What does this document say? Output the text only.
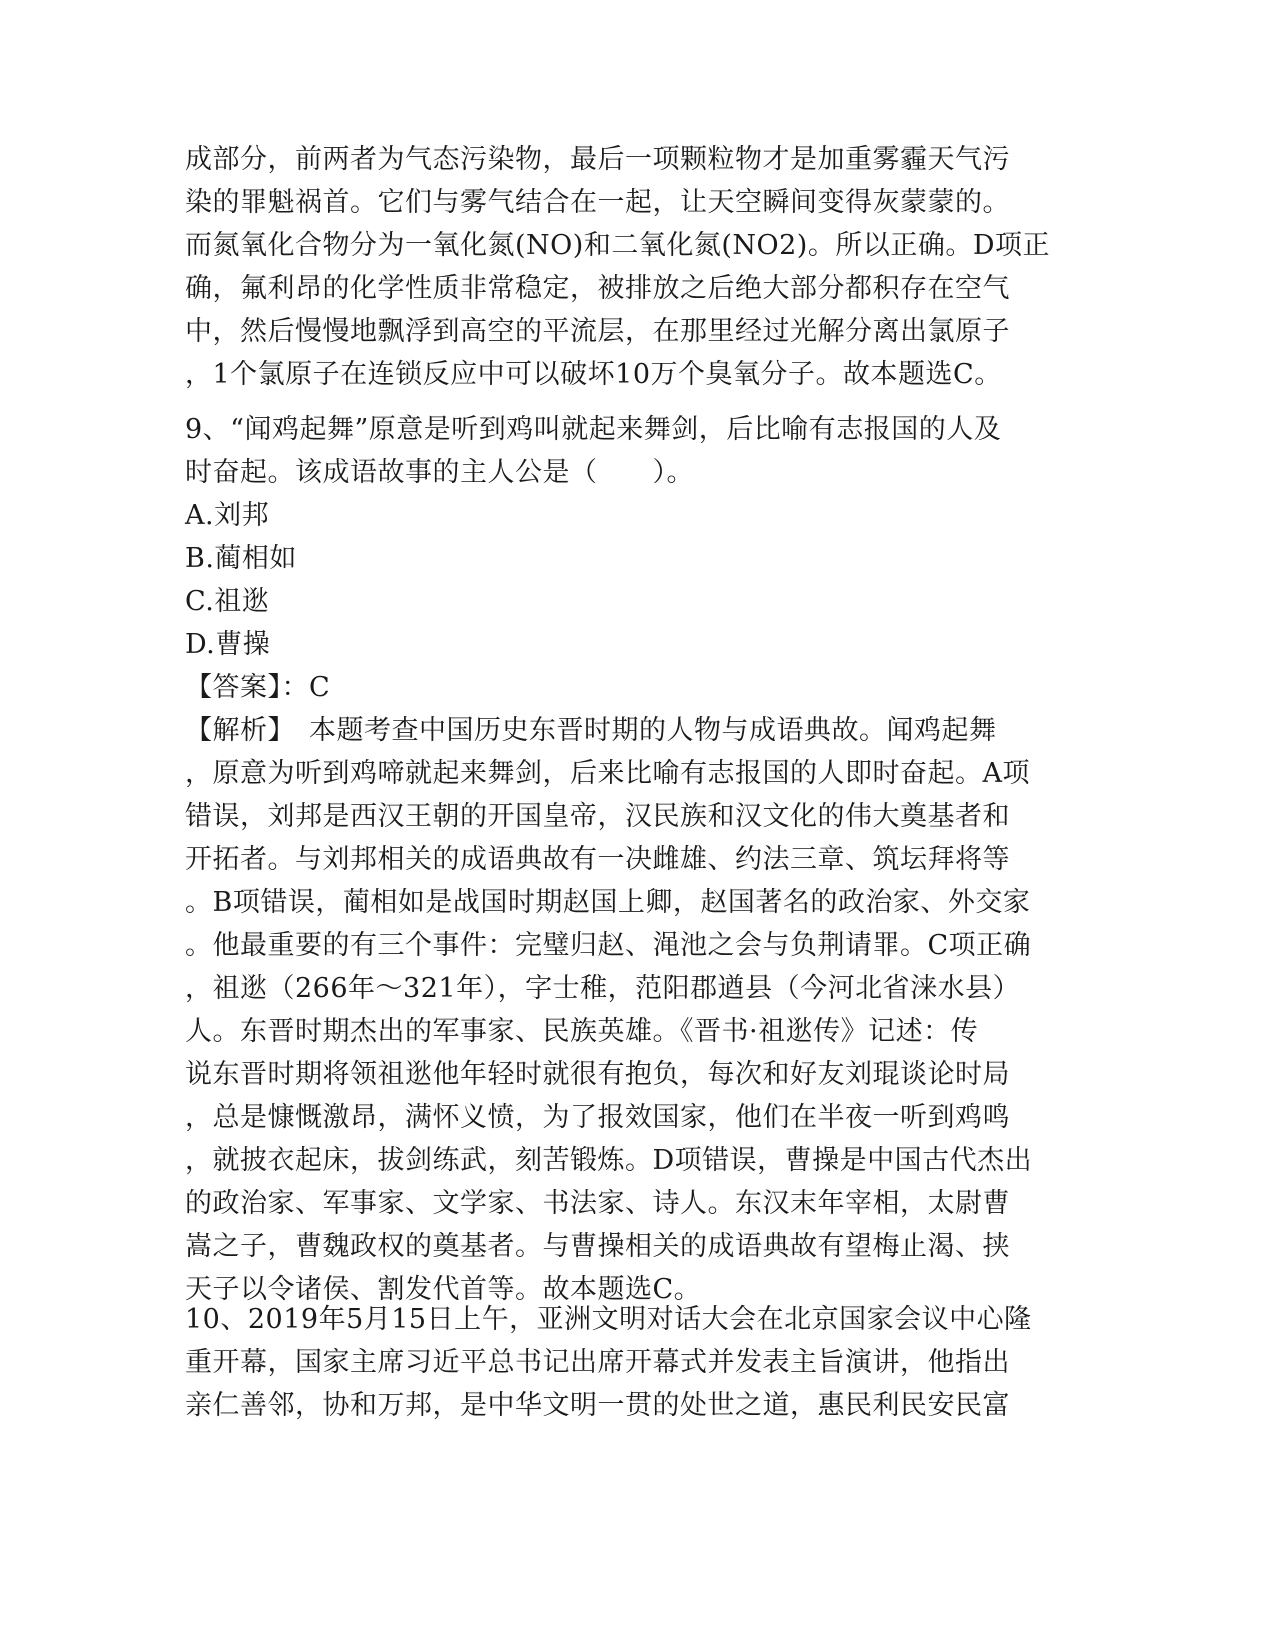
成部分，前两者为气态污染物，最后一项颗粒物才是加重雾霾天气污
染的罪魁祸首。它们与雾气结合在一起，让天空瞬间变得灰蒙蒙的。
而氮氧化合物分为一氧化氮(NO)和二氧化氮(NO2)。所以正确。D项正
确，氟利昂的化学性质非常稳定，被排放之后绝大部分都积存在空气
中，然后慢慢地飘浮到高空的平流层，在那里经过光解分离出氯原子
，1个氯原子在连锁反应中可以破坏10万个臭氧分子。故本题选C。
9、“闻鸡起舞”原意是听到鸡叫就起来舞剑，后比喻有志报国的人及
时奋起。该成语故事的主人公是（　　）。
A.刘邦
B.蔺相如
C.祖逖
D.曹操
【答案】：C
【解析】　本题考查中国历史东晋时期的人物与成语典故。闻鸡起舞
，原意为听到鸡啼就起来舞剑，后来比喻有志报国的人即时奋起。A项
错误，刘邦是西汉王朝的开国皇帝，汉民族和汉文化的伟大奠基者和
开拓者。与刘邦相关的成语典故有一决雌雄、约法三章、筑坛拜将等
。B项错误，蔺相如是战国时期赵国上卿，赵国著名的政治家、外交家
。他最重要的有三个事件：完璧归赵、渑池之会与负荆请罪。C项正确
，祖逖（266年～321年），字士稚，范阳郡遒县（今河北省涞水县）
人。东晋时期杰出的军事家、民族英雄。《晋书·祖逖传》记述：传
说东晋时期将领祖逖他年轻时就很有抱负，每次和好友刘琨谈论时局
，总是慷慨激昂，满怀义愤，为了报效国家，他们在半夜一听到鸡鸣
，就披衣起床，拔剑练武，刻苦锻炼。D项错误，曹操是中国古代杰出
的政治家、军事家、文学家、书法家、诗人。东汉末年宰相，太尉曹
嵩之子，曹魏政权的奠基者。与曹操相关的成语典故有望梅止渴、挟
天子以令诸侯、割发代首等。故本题选C。
10、2019年5月15日上午，亚洲文明对话大会在北京国家会议中心隆
重开幕，国家主席习近平总书记出席开幕式并发表主旨演讲，他指出
亲仁善邻，协和万邦，是中华文明一贯的处世之道，惠民利民安民富
